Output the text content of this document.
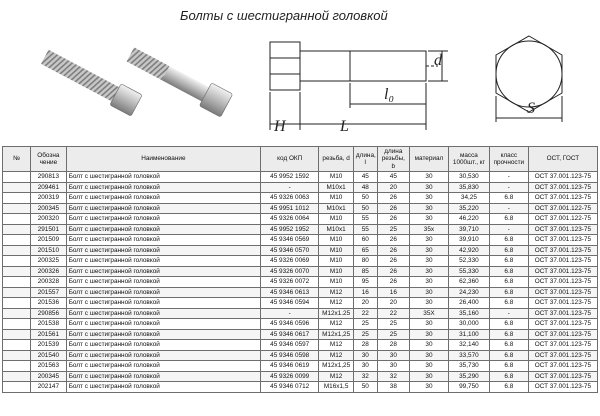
Болты с шестигранной головкой
d
l₀
H	L
S
№	Обозна чение	Наименование	код ОКП	резьба, d	длина, l	длина резьбы, b	материал	масса 1000шт., кг	класс прочности	ОСТ, ГОСТ
	290813	Болт с шестигранной головкой	45 9952 1592	М10	45	45	30	30,530	-	ОСТ 37.001.123-75
	209461	Болт с шестигранной головкой	-	М10х1	48	20	30	35,830	-	ОСТ 37.001.123-75
	200319	Болт с шестигранной головкой	45 9326 0063	М10	50	26	30	34,25	6.8	ОСТ 37.001.123-75
	200345	Болт с шестигранной головкой	45 9951 1012	М10х1	50	26	30	35,220	-	ОСТ 37.001.122-75
	200320	Болт с шестигранной головкой	45 9326 0064	М10	55	26	30	46,220	6.8	ОСТ 37.001.122-75
	291501	Болт с шестигранной головкой	45 9952 1952	М10х1	55	25	35х	39,710	-	ОСТ 37.001.123-75
	201509	Болт с шестигранной головкой	45 9346 0569	М10	60	26	30	39,910	6.8	ОСТ 37.001.123-75
	201510	Болт с шестигранной головкой	45 9346 0570	М10	65	26	30	42,920	6.8	ОСТ 37.001.123-75
	200325	Болт с шестигранной головкой	45 9326 0069	М10	80	26	30	52,330	6.8	ОСТ 37.001.123-75
	200326	Болт с шестигранной головкой	45 9326 0070	М10	85	26	30	55,330	6.8	ОСТ 37.001.123-75
	200328	Болт с шестигранной головкой	45 9326 0072	М10	95	26	30	62,360	6.8	ОСТ 37.001.123-75
	201557	Болт с шестигранной головкой	45 9346 0613	М12	16	16	30	24,230	6.8	ОСТ 37.001.123-75
	201536	Болт с шестигранной головкой	45 9346 0594	М12	20	20	30	26,400	6.8	ОСТ 37.001.123-75
	290856	Болт с шестигранной головкой	-	М12х1.25	22	22	35Х	35,160	-	ОСТ 37.001.123-75
	201538	Болт с шестигранной головкой	45 9346 0596	М12	25	25	30	30,000	6.8	ОСТ 37.001.123-75
	201561	Болт с шестигранной головкой	45 9346 0617	М12х1,25	25	25	30	31,100	6.8	ОСТ 37.001.123-75
	201539	Болт с шестигранной головкой	45 9346 0597	М12	28	28	30	32,140	6.8	ОСТ 37.001.123-75
	201540	Болт с шестигранной головкой	45 9346 0598	М12	30	30	30	33,570	6.8	ОСТ 37.001.123-75
	201563	Болт с шестигранной головкой	45 9346 0619	М12х1,25	30	30	30	35,730	6.8	ОСТ 37.001.123-75
	200345	Болт с шестигранной головкой	45 9326 0099	М12	32	32	30	35,290	6.8	ОСТ 37.001.123-75
	202147	Болт с шестигранной головкой	45 9346 0712	М16х1,5	50	38	30	99,750	6.8	ОСТ 37.001.123-75
